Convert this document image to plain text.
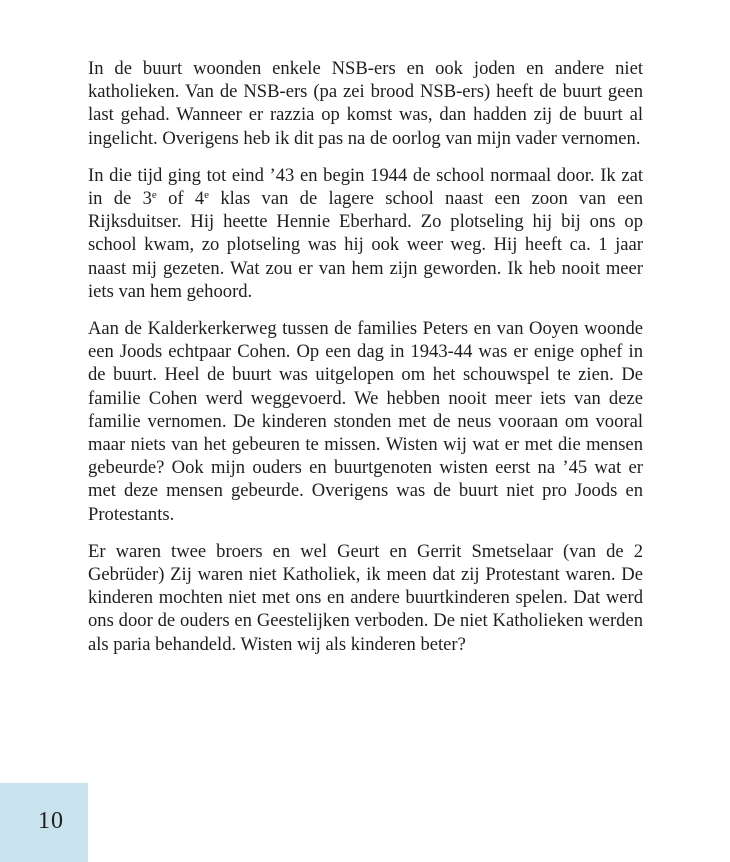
In de buurt woonden enkele NSB-ers en ook joden en andere niet katholieken. Van de NSB-ers (pa zei brood NSB-ers) heeft de buurt geen last gehad. Wanneer er razzia op komst was, dan hadden zij de buurt al ingelicht. Overigens heb ik dit pas na de oorlog van mijn vader vernomen.

In die tijd ging tot eind ’43 en begin 1944 de school normaal door. Ik zat in de 3e of 4e klas van de lagere school naast een zoon van een Rijksduitser. Hij heette Hennie Eberhard. Zo plotseling hij bij ons op school kwam, zo plotseling was hij ook weer weg. Hij heeft ca. 1 jaar naast mij gezeten. Wat zou er van hem zijn geworden. Ik heb nooit meer iets van hem gehoord.

Aan de Kalderkerkerweg tussen de families Peters en van Ooyen woonde een Joods echtpaar Cohen. Op een dag in 1943-44 was er enige ophef in de buurt. Heel de buurt was uitgelopen om het schouwspel te zien. De familie Cohen werd weggevoerd. We hebben nooit meer iets van deze familie vernomen. De kinderen stonden met de neus vooraan om vooral maar niets van het gebeuren te missen. Wisten wij wat er met die mensen gebeurde? Ook mijn ouders en buurtgenoten wisten eerst na ’45 wat er met deze mensen gebeurde. Overigens was de buurt niet pro Joods en Protestants.

Er waren twee broers en wel Geurt en Gerrit Smetselaar (van de 2 Gebrüder) Zij waren niet Katholiek, ik meen dat zij Protestant waren. De kinderen mochten niet met ons en andere buurtkinderen spelen. Dat werd ons door de ouders en Geestelijken verboden. De niet Katholieken werden als paria behandeld. Wisten wij als kinderen beter?

10
